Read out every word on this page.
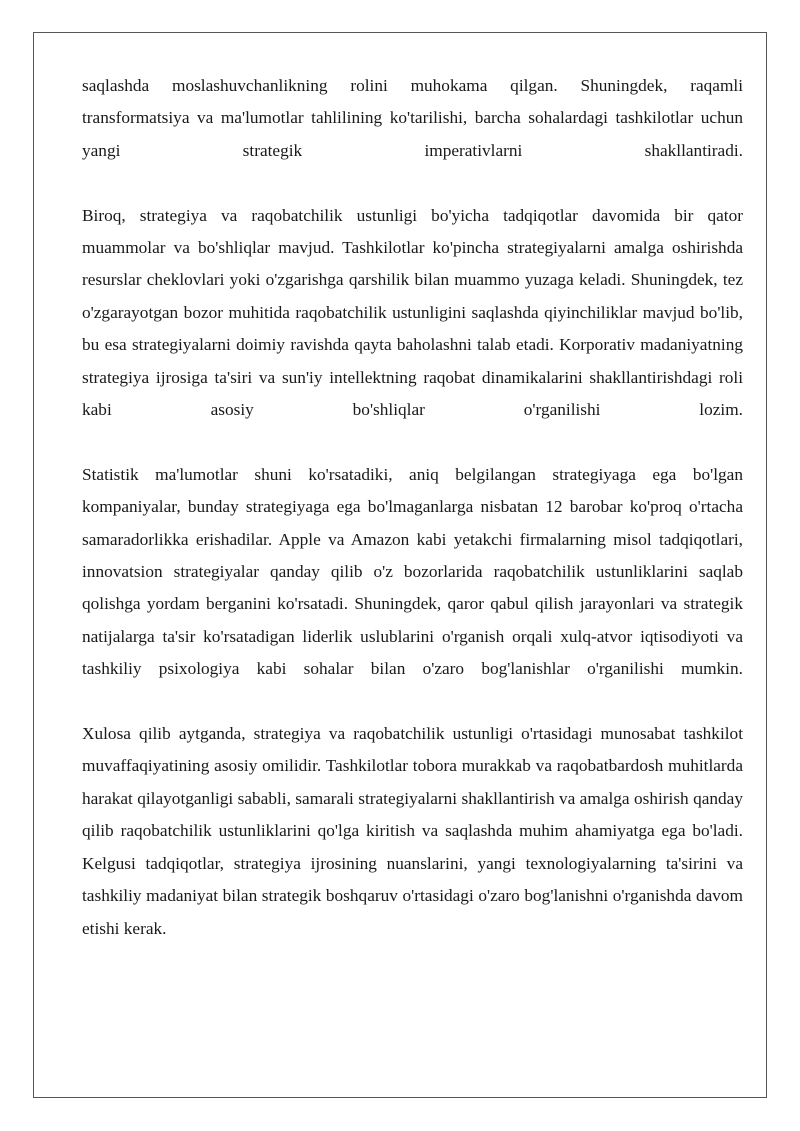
saqlashda moslashuvchanlikning rolini muhokama qilgan. Shuningdek, raqamli transformatsiya va ma'lumotlar tahlilining ko'tarilishi, barcha sohalardagi tashkilotlar uchun yangi strategik imperativlarni shakllantiradi.

Biroq, strategiya va raqobatchilik ustunligi bo'yicha tadqiqotlar davomida bir qator muammolar va bo'shliqlar mavjud. Tashkilotlar ko'pincha strategiyalarni amalga oshirishda resurslar cheklovlari yoki o'zgarishga qarshilik bilan muammo yuzaga keladi. Shuningdek, tez o'zgarayotgan bozor muhitida raqobatchilik ustunligini saqlashda qiyinchiliklar mavjud bo'lib, bu esa strategiyalarni doimiy ravishda qayta baholashni talab etadi. Korporativ madaniyatning strategiya ijrosiga ta'siri va sun'iy intellektning raqobat dinamikalarini shakllantirishdagi roli kabi asosiy bo'shliqlar o'rganilishi lozim.

Statistik ma'lumotlar shuni ko'rsatadiki, aniq belgilangan strategiyaga ega bo'lgan kompaniyalar, bunday strategiyaga ega bo'lmaganlarga nisbatan 12 barobar ko'proq o'rtacha samaradorlikka erishadilar. Apple va Amazon kabi yetakchi firmalarning misol tadqiqotlari, innovatsion strategiyalar qanday qilib o'z bozorlarida raqobatchilik ustunliklarini saqlab qolishga yordam berganini ko'rsatadi. Shuningdek, qaror qabul qilish jarayonlari va strategik natijalarga ta'sir ko'rsatadigan liderlik uslublarini o'rganish orqali xulq-atvor iqtisodiyoti va tashkiliy psixologiya kabi sohalar bilan o'zaro bog'lanishlar o'rganilishi mumkin.

Xulosa qilib aytganda, strategiya va raqobatchilik ustunligi o'rtasidagi munosabat tashkilot muvaffaqiyatining asosiy omilidir. Tashkilotlar tobora murakkab va raqobatbardosh muhitlarda harakat qilayotganligi sababli, samarali strategiyalarni shakllantirish va amalga oshirish qanday qilib raqobatchilik ustunliklarini qo'lga kiritish va saqlashda muhim ahamiyatga ega bo'ladi. Kelgusi tadqiqotlar, strategiya ijrosining nuanslarini, yangi texnologiyalarning ta'sirini va tashkiliy madaniyat bilan strategik boshqaruv o'rtasidagi o'zaro bog'lanishni o'rganishda davom etishi kerak.
